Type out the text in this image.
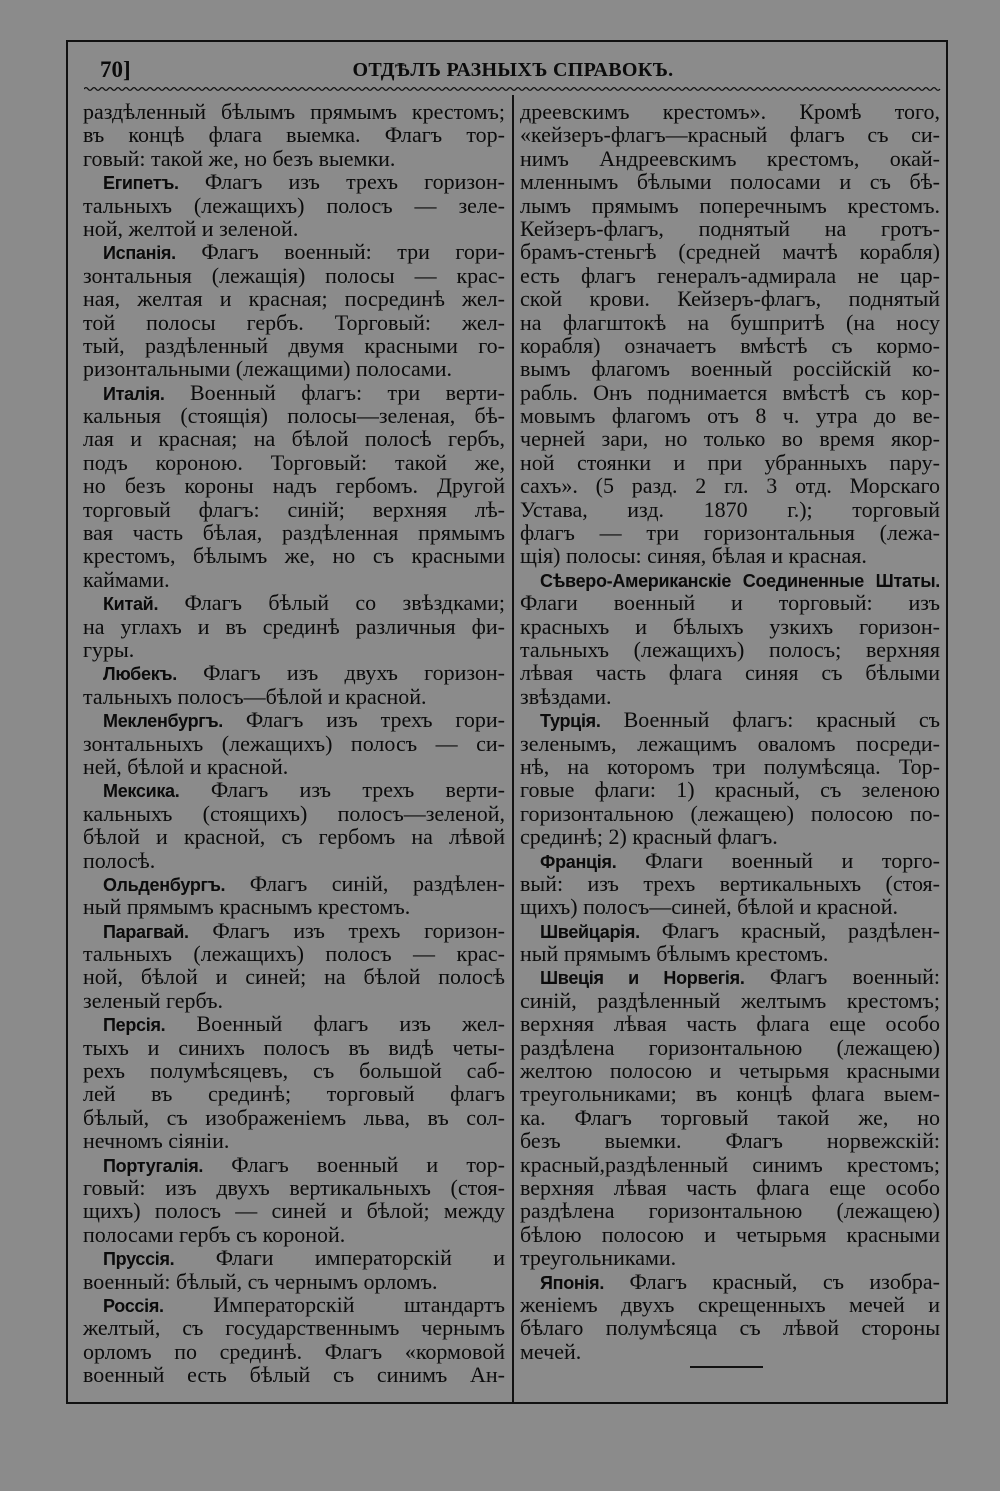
70]	ОТДѢЛЪ РАЗНЫХЪ СПРАВОКЪ.
раздѣленный бѣлымъ прямымъ крестомъ;
въ концѣ флага выемка. Флагъ тор-
говый: такой же, но безъ выемки.
Египетъ. Флагъ изъ трехъ горизон-
тальныхъ (лежащихъ) полосъ — зеле-
ной, желтой и зеленой.
Испанія. Флагъ военный: три гори-
зонтальныя (лежащія) полосы — крас-
ная, желтая и красная; посрединѣ жел-
той полосы гербъ. Торговый: жел-
тый, раздѣленный двумя красными го-
ризонтальными (лежащими) полосами.
Италія. Военный флагъ: три верти-
кальныя (стоящія) полосы—зеленая, бѣ-
лая и красная; на бѣлой полосѣ гербъ,
подъ короною. Торговый: такой же,
но безъ короны надъ гербомъ. Другой
торговый флагъ: синій; верхняя лѣ-
вая часть бѣлая, раздѣленная прямымъ
крестомъ, бѣлымъ же, но съ красными
каймами.
Китай. Флагъ бѣлый со звѣздками;
на углахъ и въ срединѣ различныя фи-
гуры.
Любекъ. Флагъ изъ двухъ горизон-
тальныхъ полосъ—бѣлой и красной.
Мекленбургъ. Флагъ изъ трехъ гори-
зонтальныхъ (лежащихъ) полосъ — си-
ней, бѣлой и красной.
Мексика. Флагъ изъ трехъ верти-
кальныхъ (стоящихъ) полосъ—зеленой,
бѣлой и красной, съ гербомъ на лѣвой
полосѣ.
Ольденбургъ. Флагъ синій, раздѣлен-
ный прямымъ краснымъ крестомъ.
Парагвай. Флагъ изъ трехъ горизон-
тальныхъ (лежащихъ) полосъ — крас-
ной, бѣлой и синей; на бѣлой полосѣ
зеленый гербъ.
Персія. Военный флагъ изъ жел-
тыхъ и синихъ полосъ въ видѣ четы-
рехъ полумѣсяцевъ, съ большой саб-
лей въ срединѣ; торговый флагъ
бѣлый, съ изображеніемъ льва, въ сол-
нечномъ сіяніи.
Португалія. Флагъ военный и тор-
говый: изъ двухъ вертикальныхъ (стоя-
щихъ) полосъ — синей и бѣлой; между
полосами гербъ съ короной.
Пруссія. Флаги императорскій и
военный: бѣлый, съ чернымъ орломъ.
Россія. Императорскій штандартъ
желтый, съ государственнымъ чернымъ
орломъ по срединѣ. Флагъ «кормовой
военный есть бѣлый съ синимъ Ан-
дреевскимъ крестомъ». Кромѣ того,
«кейзеръ-флагъ—красный флагъ съ си-
нимъ Андреевскимъ крестомъ, окай-
мленнымъ бѣлыми полосами и съ бѣ-
лымъ прямымъ поперечнымъ крестомъ.
Кейзеръ-флагъ, поднятый на гротъ-
брамъ-стеньгѣ (средней мачтѣ корабля)
есть флагъ генералъ-адмирала не цар-
ской крови. Кейзеръ-флагъ, поднятый
на флагштокѣ на бушпритѣ (на носу
корабля) означаетъ вмѣстѣ съ кормо-
вымъ флагомъ военный россійскій ко-
рабль. Онъ поднимается вмѣстѣ съ кор-
мовымъ флагомъ отъ 8 ч. утра до ве-
черней зари, но только во время якор-
ной стоянки и при убранныхъ пару-
сахъ». (5 разд. 2 гл. 3 отд. Морскаго
Устава, изд. 1870 г.); торговый
флагъ — три горизонтальныя (лежа-
щія) полосы: синяя, бѣлая и красная.
Сѣверо-Американскіе Соединенные Штаты.
Флаги военный и торговый: изъ
красныхъ и бѣлыхъ узкихъ горизон-
тальныхъ (лежащихъ) полосъ; верхняя
лѣвая часть флага синяя съ бѣлыми
звѣздами.
Турція. Военный флагъ: красный съ
зеленымъ, лежащимъ оваломъ посреди-
нѣ, на которомъ три полумѣсяца. Тор-
говые флаги: 1) красный, съ зеленою
горизонтальною (лежащею) полосою по-
срединѣ; 2) красный флагъ.
Франція. Флаги военный и торго-
вый: изъ трехъ вертикальныхъ (стоя-
щихъ) полосъ—синей, бѣлой и красной.
Швейцарія. Флагъ красный, раздѣлен-
ный прямымъ бѣлымъ крестомъ.
Швеція и Норвегія. Флагъ военный:
синій, раздѣленный желтымъ крестомъ;
верхняя лѣвая часть флага еще особо
раздѣлена горизонтальною (лежащею)
желтою полосою и четырьмя красными
треугольниками; въ концѣ флага выем-
ка. Флагъ торговый такой же, но
безъ выемки. Флагъ норвежскій:
красный,раздѣленный синимъ крестомъ;
верхняя лѣвая часть флага еще особо
раздѣлена горизонтальною (лежащею)
бѣлою полосою и четырьмя красными
треугольниками.
Японія. Флагъ красный, съ изобра-
женіемъ двухъ скрещенныхъ мечей и
бѣлаго полумѣсяца съ лѣвой стороны
мечей.
